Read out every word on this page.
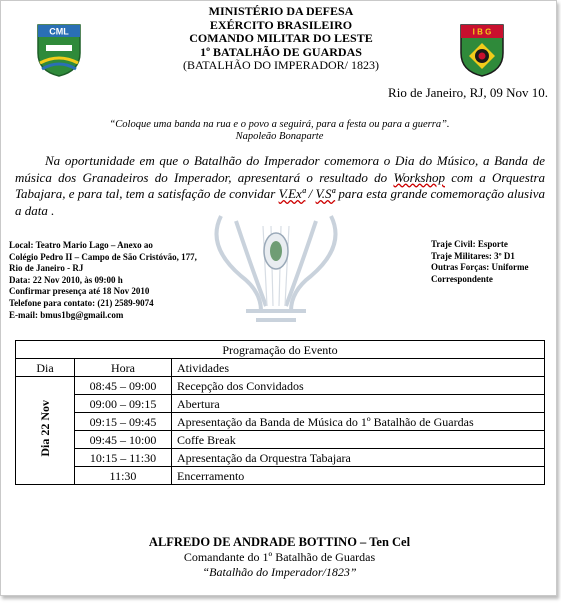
CML
MINISTÉRIO DA DEFESA
EXÉRCITO BRASILEIRO
COMANDO MILITAR DO LESTE
1º BATALHÃO DE GUARDAS
(BATALHÃO DO IMPERADOR/ 1823)
I B G
Rio de Janeiro, RJ, 09 Nov 10.
“Coloque uma banda na rua e o povo a seguirá, para a festa ou para a guerra”.
Napoleão Bonaparte
Na oportunidade em que o Batalhão do Imperador comemora o Dia do Músico, a Banda de música dos Granadeiros do Imperador, apresentará o resultado do Workshop com a Orquestra Tabajara, e para tal, tem a satisfação de convidar V.Exª / V.Sª para esta grande comemoração alusiva a data .
Local: Teatro Mario Lago – Anexo ao
Colégio Pedro II – Campo de São Cristóvão, 177,
Rio de Janeiro - RJ
Data: 22 Nov 2010, às 09:00 h
Confirmar presença até 18 Nov 2010
Telefone para contato: (21) 2589-9074
E-mail: bmus1bg@gmail.com
Traje Civil: Esporte
Traje Militares: 3º D1
Outras Forças: Uniforme
Correspondente
Programação do Evento		
Dia	Hora	Atividades
Dia 22 Nov	08:45 – 09:00	Recepção dos Convidados
	09:00 – 09:15	Abertura
	09:15 – 09:45	Apresentação da Banda de Música do 1º Batalhão de Guardas
	09:45 – 10:00	Coffe Break
	10:15 – 11:30	Apresentação da Orquestra Tabajara
	11:30	Encerramento
ALFREDO DE ANDRADE BOTTINO – Ten Cel
Comandante do 1º Batalhão de Guardas
“Batalhão do Imperador/1823”
